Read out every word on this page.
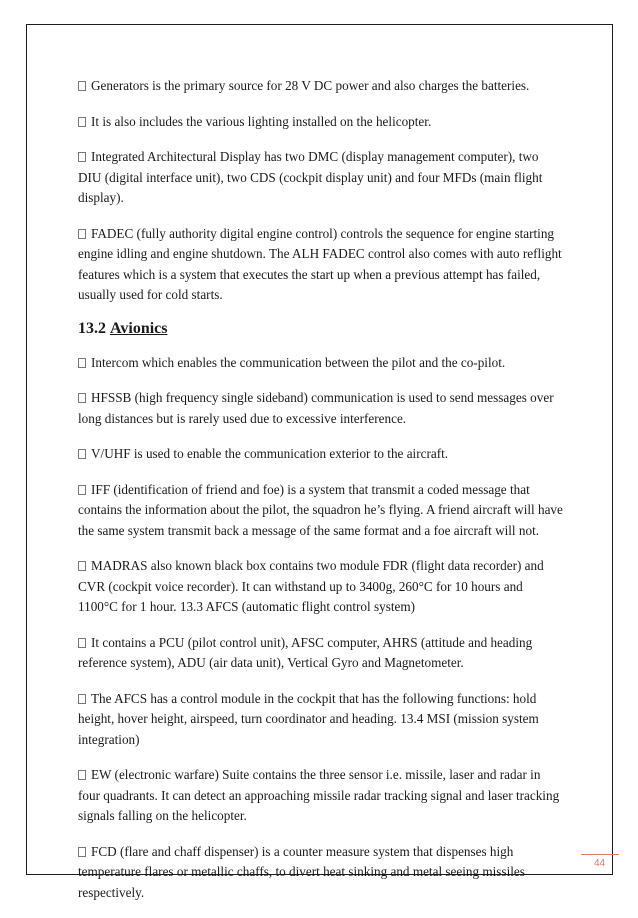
Generators is the primary source for 28 V DC power and also charges the batteries.

It is also includes the various lighting installed on the helicopter.

Integrated Architectural Display has two DMC (display management computer), two DIU (digital interface unit), two CDS (cockpit display unit) and four MFDs (main flight display).

FADEC (fully authority digital engine control) controls the sequence for engine starting engine idling and engine shutdown. The ALH FADEC control also comes with auto reflight features which is a system that executes the start up when a previous attempt has failed, usually used for cold starts.

13.2 Avionics

Intercom which enables the communication between the pilot and the co-pilot.

HFSSB (high frequency single sideband) communication is used to send messages over long distances but is rarely used due to excessive interference.

V/UHF is used to enable the communication exterior to the aircraft.

IFF (identification of friend and foe) is a system that transmit a coded message that contains the information about the pilot, the squadron he’s flying. A friend aircraft will have the same system transmit back a message of the same format and a foe aircraft will not.

MADRAS also known black box contains two module FDR (flight data recorder) and CVR (cockpit voice recorder). It can withstand up to 3400g, 260°C for 10 hours and 1100°C for 1 hour. 13.3 AFCS (automatic flight control system)

It contains a PCU (pilot control unit), AFSC computer, AHRS (attitude and heading reference system), ADU (air data unit), Vertical Gyro and Magnetometer.

The AFCS has a control module in the cockpit that has the following functions: hold height, hover height, airspeed, turn coordinator and heading. 13.4 MSI (mission system integration)

EW (electronic warfare) Suite contains the three sensor i.e. missile, laser and radar in four quadrants. It can detect an approaching missile radar tracking signal and laser tracking signals falling on the helicopter.

FCD (flare and chaff dispenser) is a counter measure system that dispenses high temperature flares or metallic chaffs, to divert heat sinking and metal seeing missiles respectively.

44
